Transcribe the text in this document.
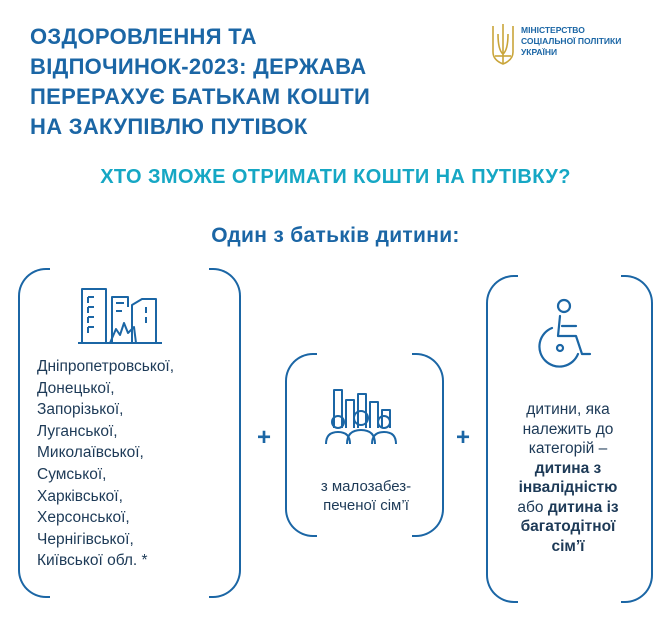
ОЗДОРОВЛЕННЯ ТА
ВІДПОЧИНОК-2023: ДЕРЖАВА
ПЕРЕРАХУЄ БАТЬКАМ КОШТИ
НА ЗАКУПІВЛЮ ПУТІВОК
МІНІСТЕРСТВО
СОЦІАЛЬНОЇ ПОЛІТИКИ
УКРАЇНИ
ХТО ЗМОЖЕ ОТРИМАТИ КОШТИ НА ПУТІВКУ?
Один з батьків дитини:
Дніпропетровської,
Донецької,
Запорізької,
Луганської,
Миколаївської,
Сумської,
Харківської,
Херсонської,
Чернігівської,
Київської обл. *
+
з малозабез-
печеної сім’ї
+
дитини, яка
належить до
категорій –
дитина з
інвалідністю
або дитина із
багатодітної
сім’ї
